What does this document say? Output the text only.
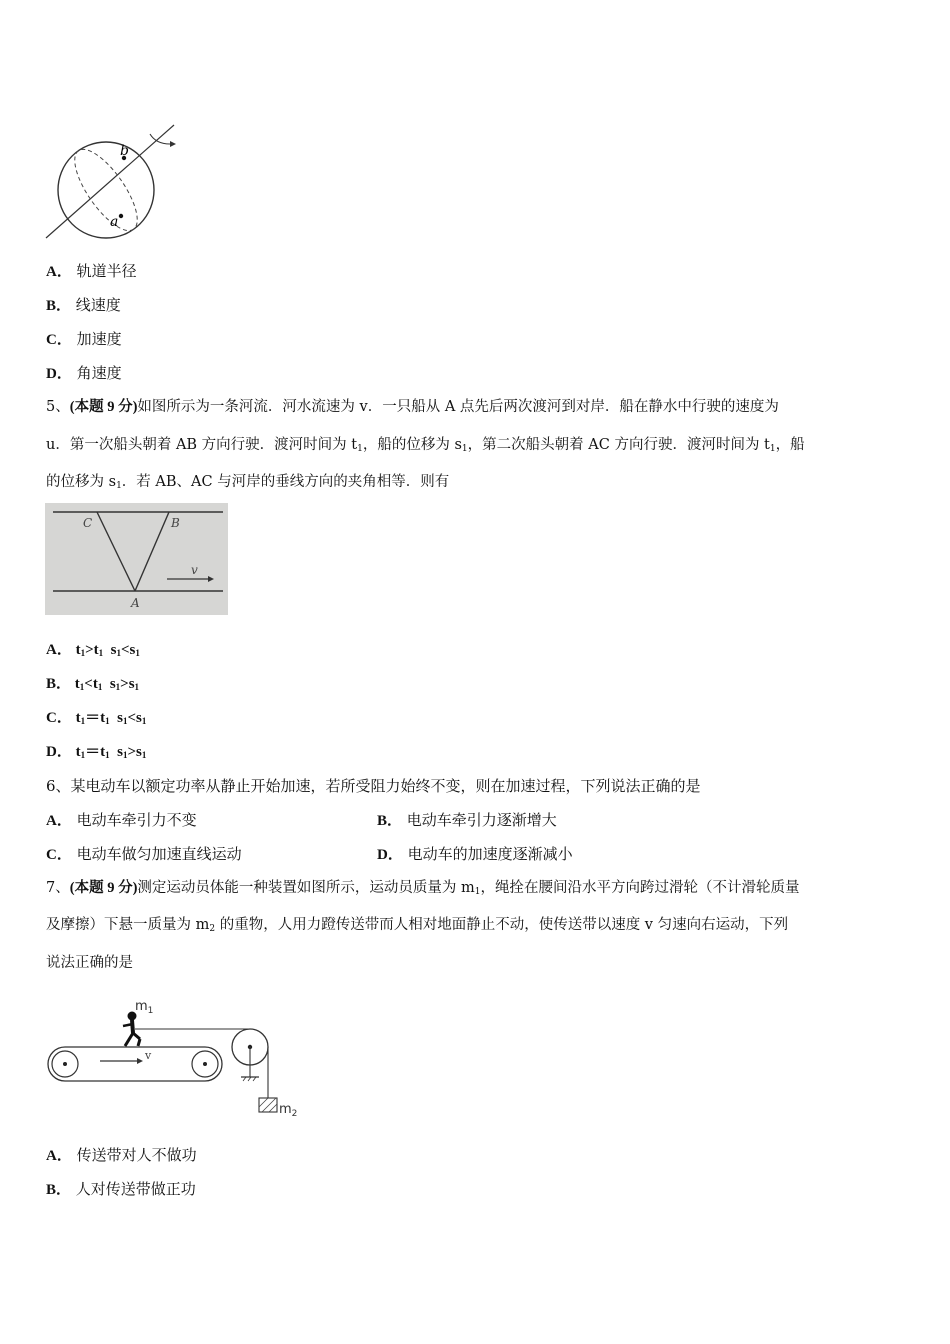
b
a
A． 轨道半径
B． 线速度
C． 加速度
D． 角速度
5、(本题 9 分)如图所示为一条河流．河水流速为 v．一只船从 A 点先后两次渡河到对岸．船在静水中行驶的速度为
u．第一次船头朝着 AB 方向行驶．渡河时间为 $t_1$，船的位移为 $s_1$，第二次船头朝着 AC 方向行驶．渡河时间为 $t_1$，船
的位移为 $s_1$．若 AB、AC 与河岸的垂线方向的夹角相等．则有
C	B
v
A
A． $t_1>t_1$ $s_1<s_1$
B． $t_1<t_1$ $s_1>s_1$
C． $t_1=t_1$ $s_1<s_1$
D． $t_1=t_1$ $s_1>s_1$
6、某电动车以额定功率从静止开始加速，若所受阻力始终不变，则在加速过程，下列说法正确的是
A． 电动车牵引力不变	B． 电动车牵引力逐渐增大
C． 电动车做匀加速直线运动	D． 电动车的加速度逐渐减小
7、(本题 9 分)测定运动员体能一种装置如图所示，运动员质量为 $m_1$，绳拴在腰间沿水平方向跨过滑轮（不计滑轮质量
及摩擦）下悬一质量为 $m_2$ 的重物，人用力蹬传送带而人相对地面静止不动，使传送带以速度 v 匀速向右运动，下列
说法正确的是
v
$m_1$
$m_2$
A． 传送带对人不做功
B． 人对传送带做正功
